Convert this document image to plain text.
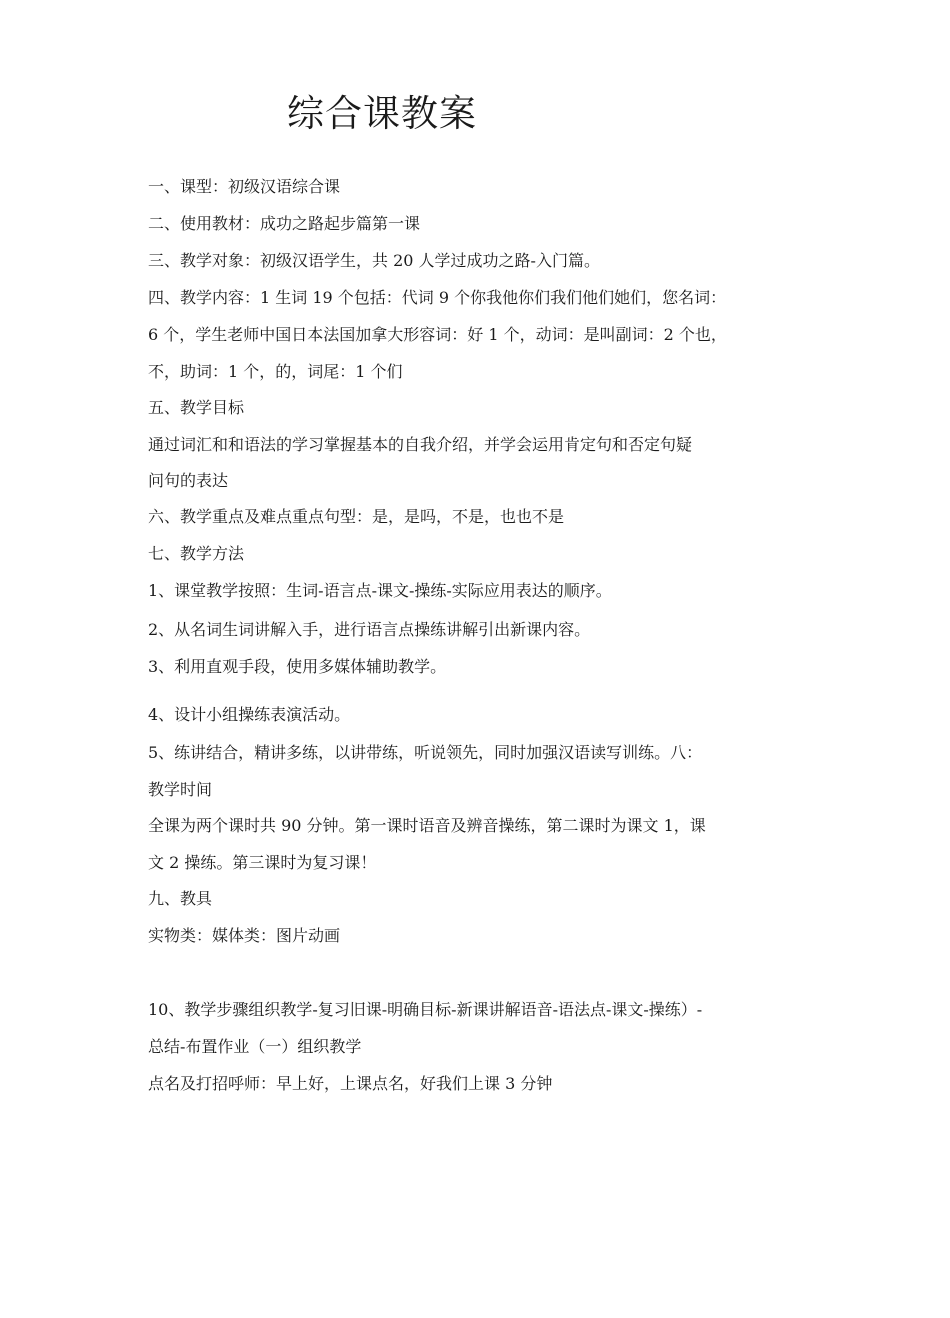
综合课教案
一、课型：初级汉语综合课
二、使用教材：成功之路起步篇第一课
三、教学对象：初级汉语学生，共 20 人学过成功之路-入门篇。
四、教学内容：1 生词 19 个包括：代词 9 个你我他你们我们他们她们，您名词：
6 个，学生老师中国日本法国加拿大形容词：好 1 个，动词：是叫副词：2 个也，
不，助词：1 个，的，词尾：1 个们
五、教学目标
通过词汇和和语法的学习掌握基本的自我介绍，并学会运用肯定句和否定句疑
问句的表达
六、教学重点及难点重点句型：是，是吗，不是，也也不是
七、教学方法
1、课堂教学按照：生词-语言点-课文-操练-实际应用表达的顺序。
2、从名词生词讲解入手，进行语言点操练讲解引出新课内容。
3、利用直观手段，使用多媒体辅助教学。
4、设计小组操练表演活动。
5、练讲结合，精讲多练，以讲带练，听说领先，同时加强汉语读写训练。八：
教学时间
全课为两个课时共 90 分钟。第一课时语音及辨音操练，第二课时为课文 1，课
文 2 操练。第三课时为复习课！
九、教具
实物类：媒体类：图片动画
10、教学步骤组织教学-复习旧课-明确目标-新课讲解语音-语法点-课文-操练）-
总结-布置作业（一）组织教学
点名及打招呼师：早上好，上课点名，好我们上课 3 分钟
